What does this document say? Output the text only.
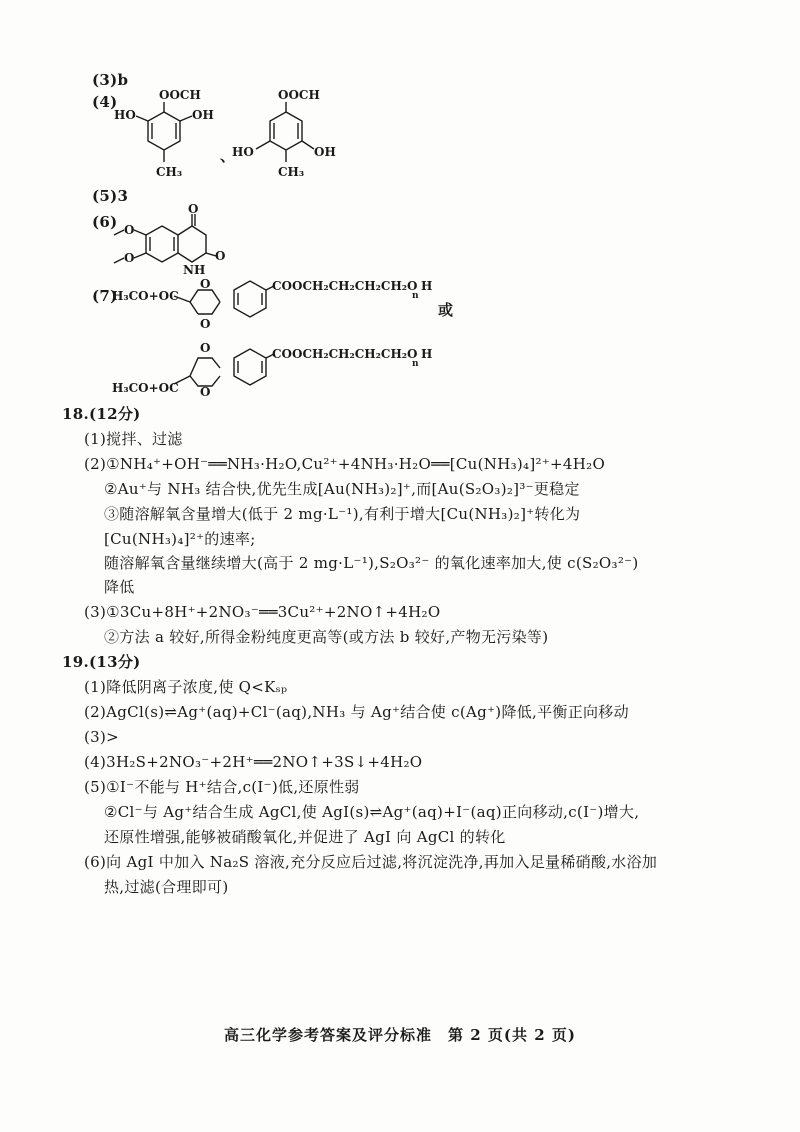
(3)b
(4)	OOCH
HO	OH
CH₃
、
OOCH
HO	OH
CH₃
(5)3
(6)
O
O
NH
O
O
(7)
H₃CO+OC
O
O
COOCH₂CH₂CH₂CH₂O
n
H
或
O
O
COOCH₂CH₂CH₂CH₂O
n
H
H₃CO+OC
18.(12分)
(1)搅拌、过滤
(2)①NH₄⁺+OH⁻══NH₃·H₂O,Cu²⁺+4NH₃·H₂O══[Cu(NH₃)₄]²⁺+4H₂O
②Au⁺与 NH₃ 结合快,优先生成[Au(NH₃)₂]⁺,而[Au(S₂O₃)₂]³⁻更稳定
③随溶解氧含量增大(低于 2 mg·L⁻¹),有利于增大[Cu(NH₃)₂]⁺转化为
[Cu(NH₃)₄]²⁺的速率;
随溶解氧含量继续增大(高于 2 mg·L⁻¹),S₂O₃²⁻ 的氧化速率加大,使 c(S₂O₃²⁻)
降低
(3)①3Cu+8H⁺+2NO₃⁻══3Cu²⁺+2NO↑+4H₂O
②方法 a 较好,所得金粉纯度更高等(或方法 b 较好,产物无污染等)
19.(13分)
(1)降低阴离子浓度,使 Q<Kₛₚ
(2)AgCl(s)⇌Ag⁺(aq)+Cl⁻(aq),NH₃ 与 Ag⁺结合使 c(Ag⁺)降低,平衡正向移动
(3)>
(4)3H₂S+2NO₃⁻+2H⁺══2NO↑+3S↓+4H₂O
(5)①I⁻不能与 H⁺结合,c(I⁻)低,还原性弱
②Cl⁻与 Ag⁺结合生成 AgCl,使 AgI(s)⇌Ag⁺(aq)+I⁻(aq)正向移动,c(I⁻)增大,
还原性增强,能够被硝酸氧化,并促进了 AgI 向 AgCl 的转化
(6)向 AgI 中加入 Na₂S 溶液,充分反应后过滤,将沉淀洗净,再加入足量稀硝酸,水浴加
热,过滤(合理即可)
高三化学参考答案及评分标准　第 2 页(共 2 页)
